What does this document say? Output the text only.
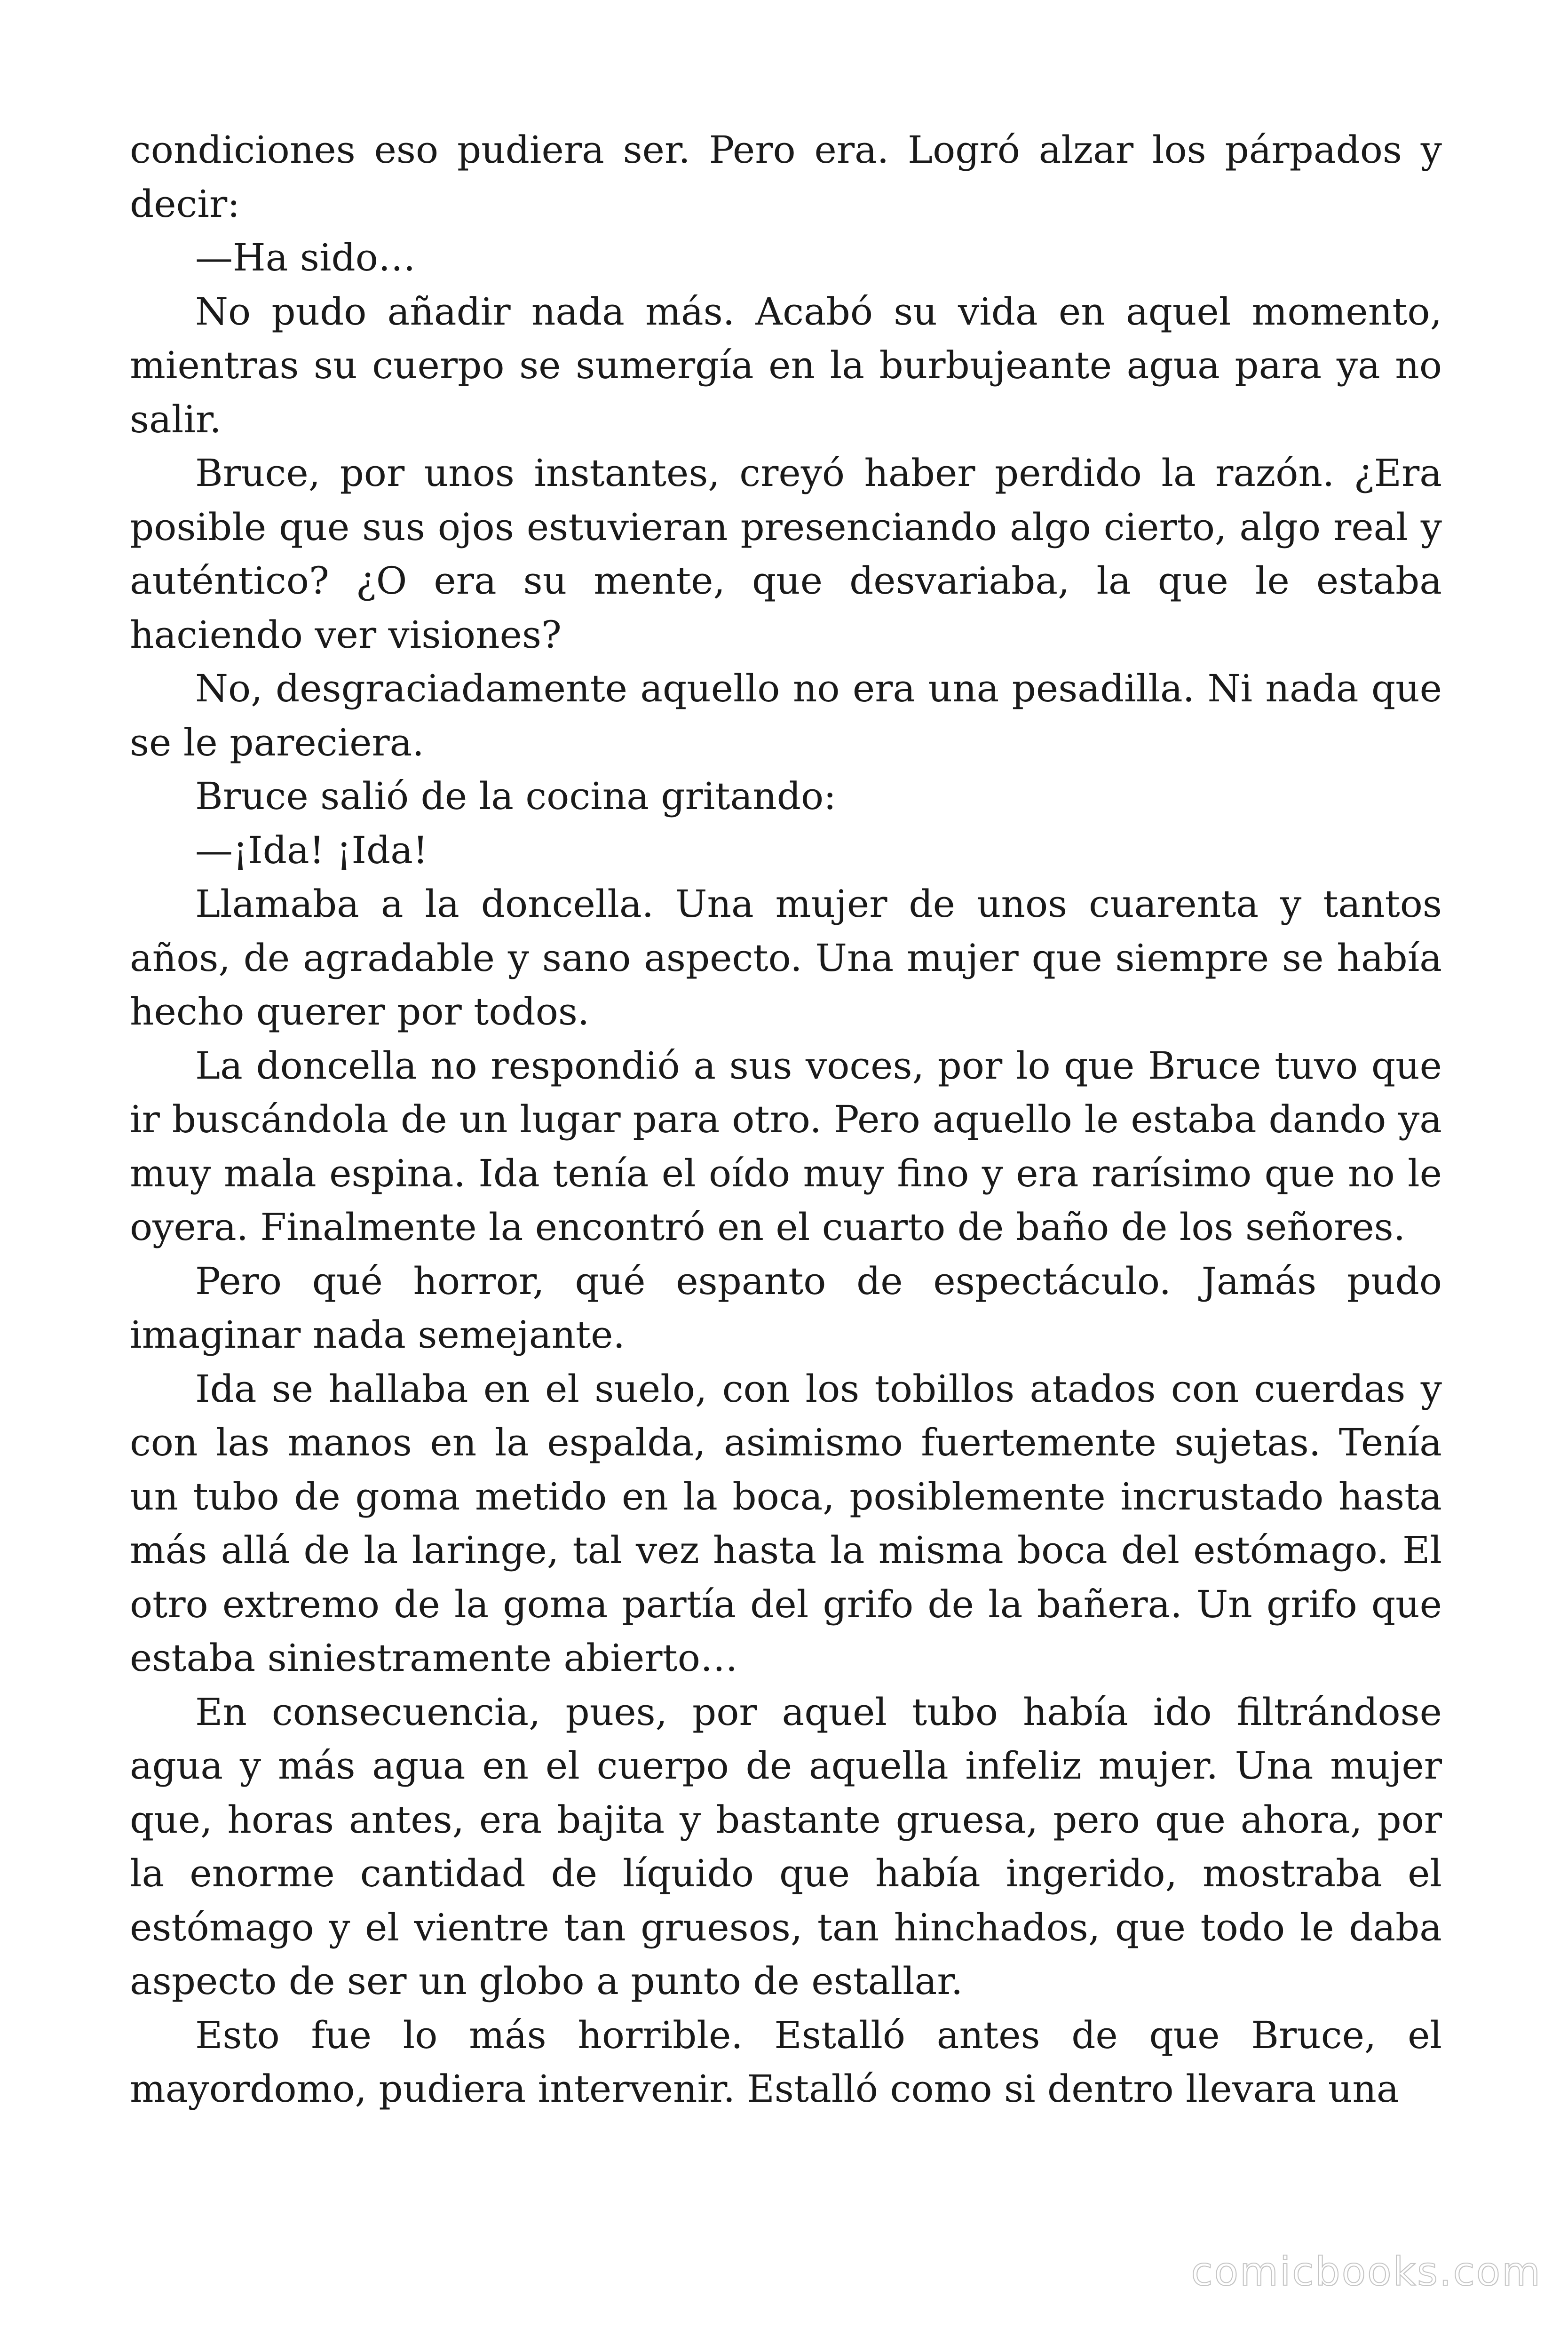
condiciones eso pudiera ser. Pero era. Logró alzar los párpados y decir:

—Ha sido…

No pudo añadir nada más. Acabó su vida en aquel momento, mientras su cuerpo se sumergía en la burbujeante agua para ya no salir.

Bruce, por unos instantes, creyó haber perdido la razón. ¿Era posible que sus ojos estuvieran presenciando algo cierto, algo real y auténtico? ¿O era su mente, que desvariaba, la que le estaba haciendo ver visiones?

No, desgraciadamente aquello no era una pesadilla. Ni nada que se le pareciera.

Bruce salió de la cocina gritando:

—¡Ida! ¡Ida!

Llamaba a la doncella. Una mujer de unos cuarenta y tantos años, de agradable y sano aspecto. Una mujer que siempre se había hecho querer por todos.

La doncella no respondió a sus voces, por lo que Bruce tuvo que ir buscándola de un lugar para otro. Pero aquello le estaba dando ya muy mala espina. Ida tenía el oído muy fino y era rarísimo que no le oyera. Finalmente la encontró en el cuarto de baño de los señores.

Pero qué horror, qué espanto de espectáculo. Jamás pudo imaginar nada semejante.

Ida se hallaba en el suelo, con los tobillos atados con cuerdas y con las manos en la espalda, asimismo fuertemente sujetas. Tenía un tubo de goma metido en la boca, posiblemente incrustado hasta más allá de la laringe, tal vez hasta la misma boca del estómago. El otro extremo de la goma partía del grifo de la bañera. Un grifo que estaba siniestramente abierto…

En consecuencia, pues, por aquel tubo había ido filtrándose agua y más agua en el cuerpo de aquella infeliz mujer. Una mujer que, horas antes, era bajita y bastante gruesa, pero que ahora, por la enorme cantidad de líquido que había ingerido, mostraba el estómago y el vientre tan gruesos, tan hinchados, que todo le daba aspecto de ser un globo a punto de estallar.

Esto fue lo más horrible. Estalló antes de que Bruce, el mayordomo, pudiera intervenir. Estalló como si dentro llevara una

comicbooks.com
